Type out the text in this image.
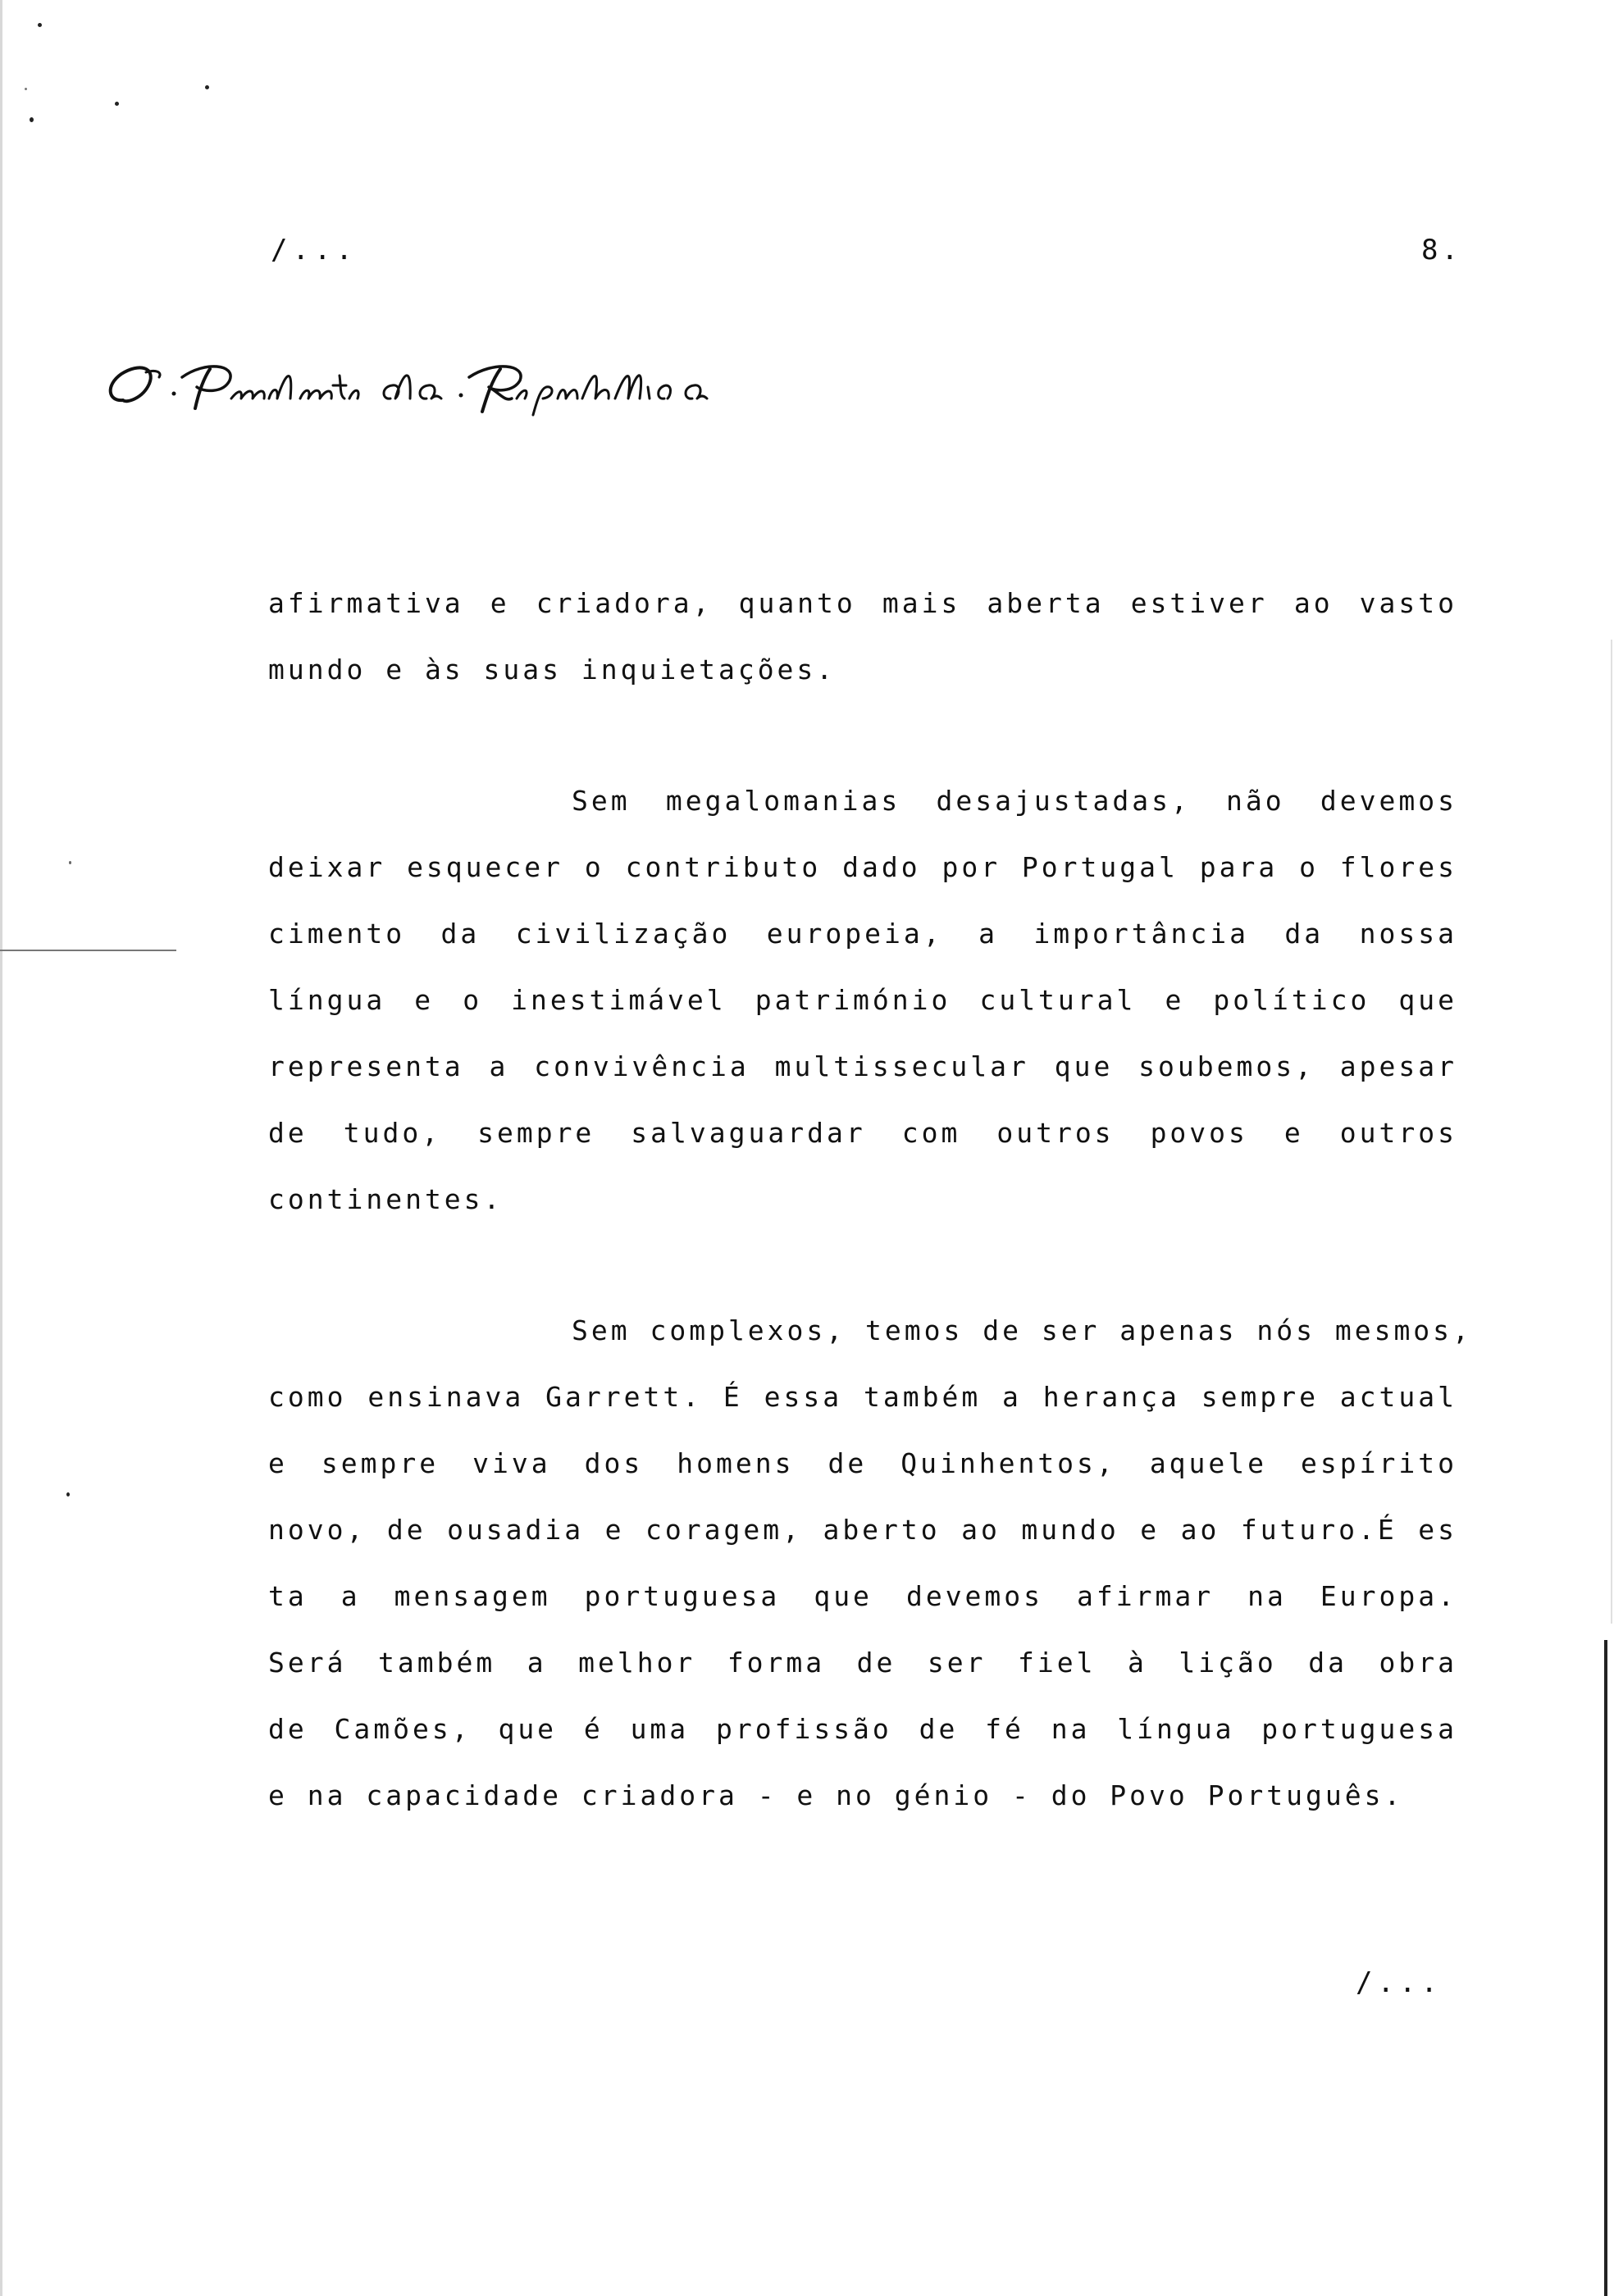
/...	8.

afirmativa e criadora, quanto mais aberta estiver ao vasto
mundo e às suas inquietações.

Sem megalomanias desajustadas, não devemos
deixar esquecer o contributo dado por Portugal para o flores
cimento da civilização europeia, a importância da nossa
língua e o inestimável património cultural e político que
representa a convivência multissecular que soubemos, apesar
de tudo, sempre salvaguardar com outros povos e outros
continentes.

Sem complexos, temos de ser apenas nós mesmos,
como ensinava Garrett. É essa também a herança sempre actual
e sempre viva dos homens de Quinhentos, aquele espírito
novo, de ousadia e coragem, aberto ao mundo e ao futuro.É es
ta a mensagem portuguesa que devemos afirmar na Europa.
Será também a melhor forma de ser fiel à lição da obra
de Camões, que é uma profissão de fé na língua portuguesa
e na capacidade criadora - e no génio - do Povo Português.

/...
